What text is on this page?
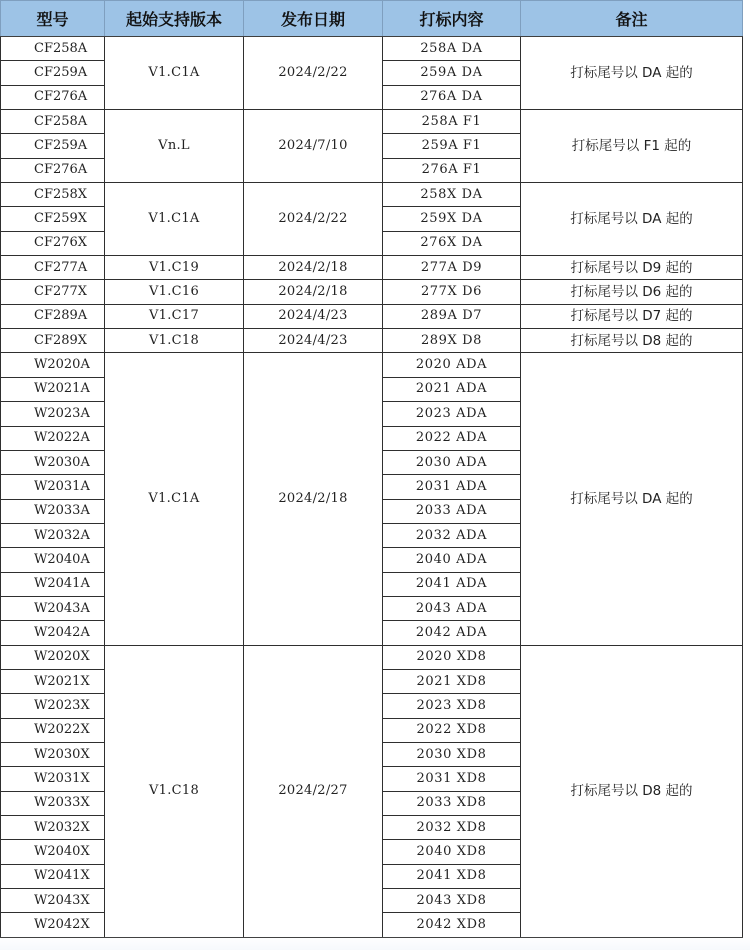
型号	起始支持版本	发布日期	打标内容	备注
CF258A	V1.C1A	2024/2/22	258A DA	打标尾号以 DA 起的
CF259A			259A DA	
CF276A			276A DA	
CF258A	Vn.L	2024/7/10	258A F1	打标尾号以 F1 起的
CF259A			259A F1	
CF276A			276A F1	
CF258X	V1.C1A	2024/2/22	258X DA	打标尾号以 DA 起的
CF259X			259X DA	
CF276X			276X DA	
CF277A	V1.C19	2024/2/18	277A D9	打标尾号以 D9 起的
CF277X	V1.C16	2024/2/18	277X D6	打标尾号以 D6 起的
CF289A	V1.C17	2024/4/23	289A D7	打标尾号以 D7 起的
CF289X	V1.C18	2024/4/23	289X D8	打标尾号以 D8 起的
W2020A	V1.C1A	2024/2/18	2020 ADA	打标尾号以 DA 起的
W2021A			2021 ADA	
W2023A			2023 ADA	
W2022A			2022 ADA	
W2030A			2030 ADA	
W2031A			2031 ADA	
W2033A			2033 ADA	
W2032A			2032 ADA	
W2040A			2040 ADA	
W2041A			2041 ADA	
W2043A			2043 ADA	
W2042A			2042 ADA	
W2020X	V1.C18	2024/2/27	2020 XD8	打标尾号以 D8 起的
W2021X			2021 XD8	
W2023X			2023 XD8	
W2022X			2022 XD8	
W2030X			2030 XD8	
W2031X			2031 XD8	
W2033X			2033 XD8	
W2032X			2032 XD8	
W2040X			2040 XD8	
W2041X			2041 XD8	
W2043X			2043 XD8	
W2042X			2042 XD8	
